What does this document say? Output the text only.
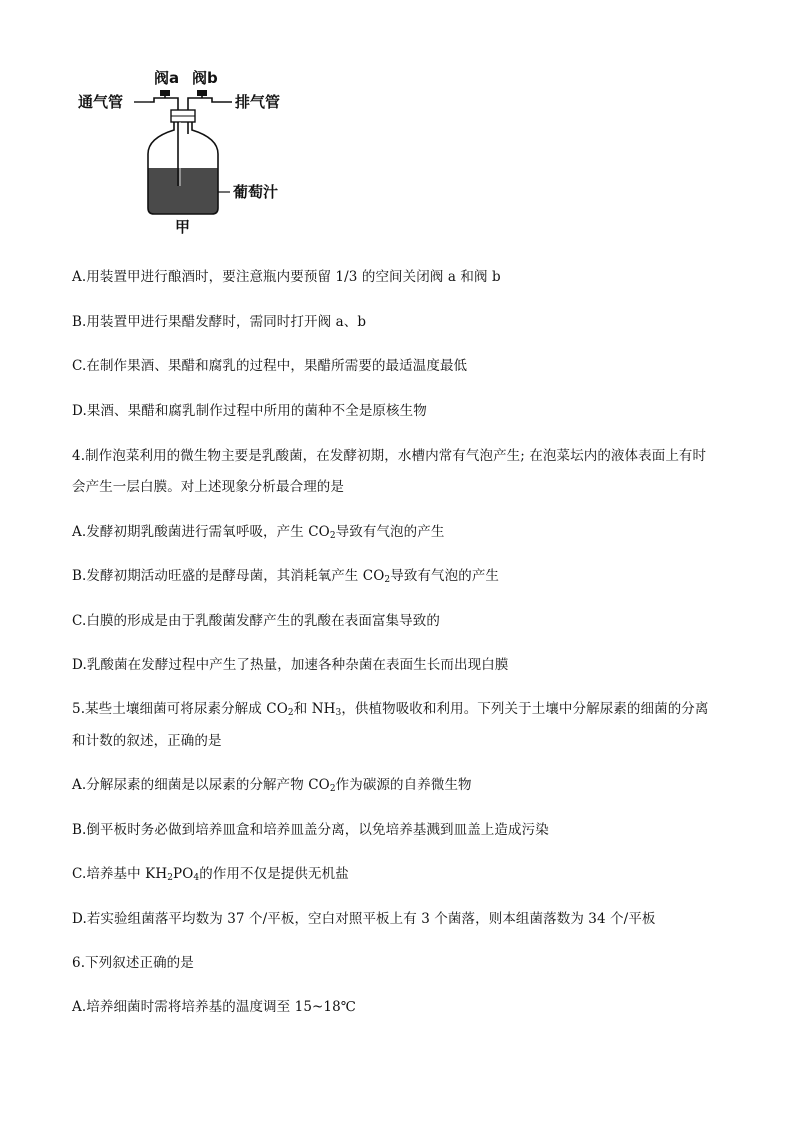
阀a 阀b
通气管	排气管
葡萄汁
甲
A.用装置甲进行酿酒时，要注意瓶内要预留 1/3 的空间关闭阀 a 和阀 b
B.用装置甲进行果醋发酵时，需同时打开阀 a、b
C.在制作果酒、果醋和腐乳的过程中，果醋所需要的最适温度最低
D.果酒、果醋和腐乳制作过程中所用的菌种不全是原核生物
4.制作泡菜利用的微生物主要是乳酸菌，在发酵初期，水槽内常有气泡产生; 在泡菜坛内的液体表面上有时
会产生一层白膜。对上述现象分析最合理的是
A.发酵初期乳酸菌进行需氧呼吸，产生 $CO_2$导致有气泡的产生
B.发酵初期活动旺盛的是酵母菌，其消耗氧产生 $CO_2$导致有气泡的产生
C.白膜的形成是由于乳酸菌发酵产生的乳酸在表面富集导致的
D.乳酸菌在发酵过程中产生了热量，加速各种杂菌在表面生长而出现白膜
5.某些土壤细菌可将尿素分解成 $CO_2$和 $NH_3$，供植物吸收和利用。下列关于土壤中分解尿素的细菌的分离
和计数的叙述，正确的是
A.分解尿素的细菌是以尿素的分解产物 $CO_2$作为碳源的自养微生物
B.倒平板时务必做到培养皿盒和培养皿盖分离，以免培养基溅到皿盖上造成污染
C.培养基中 $KH_2PO_4$的作用不仅是提供无机盐
D.若实验组菌落平均数为 37 个/平板，空白对照平板上有 3 个菌落，则本组菌落数为 34 个/平板
6.下列叙述正确的是
A.培养细菌时需将培养基的温度调至 15~18℃
